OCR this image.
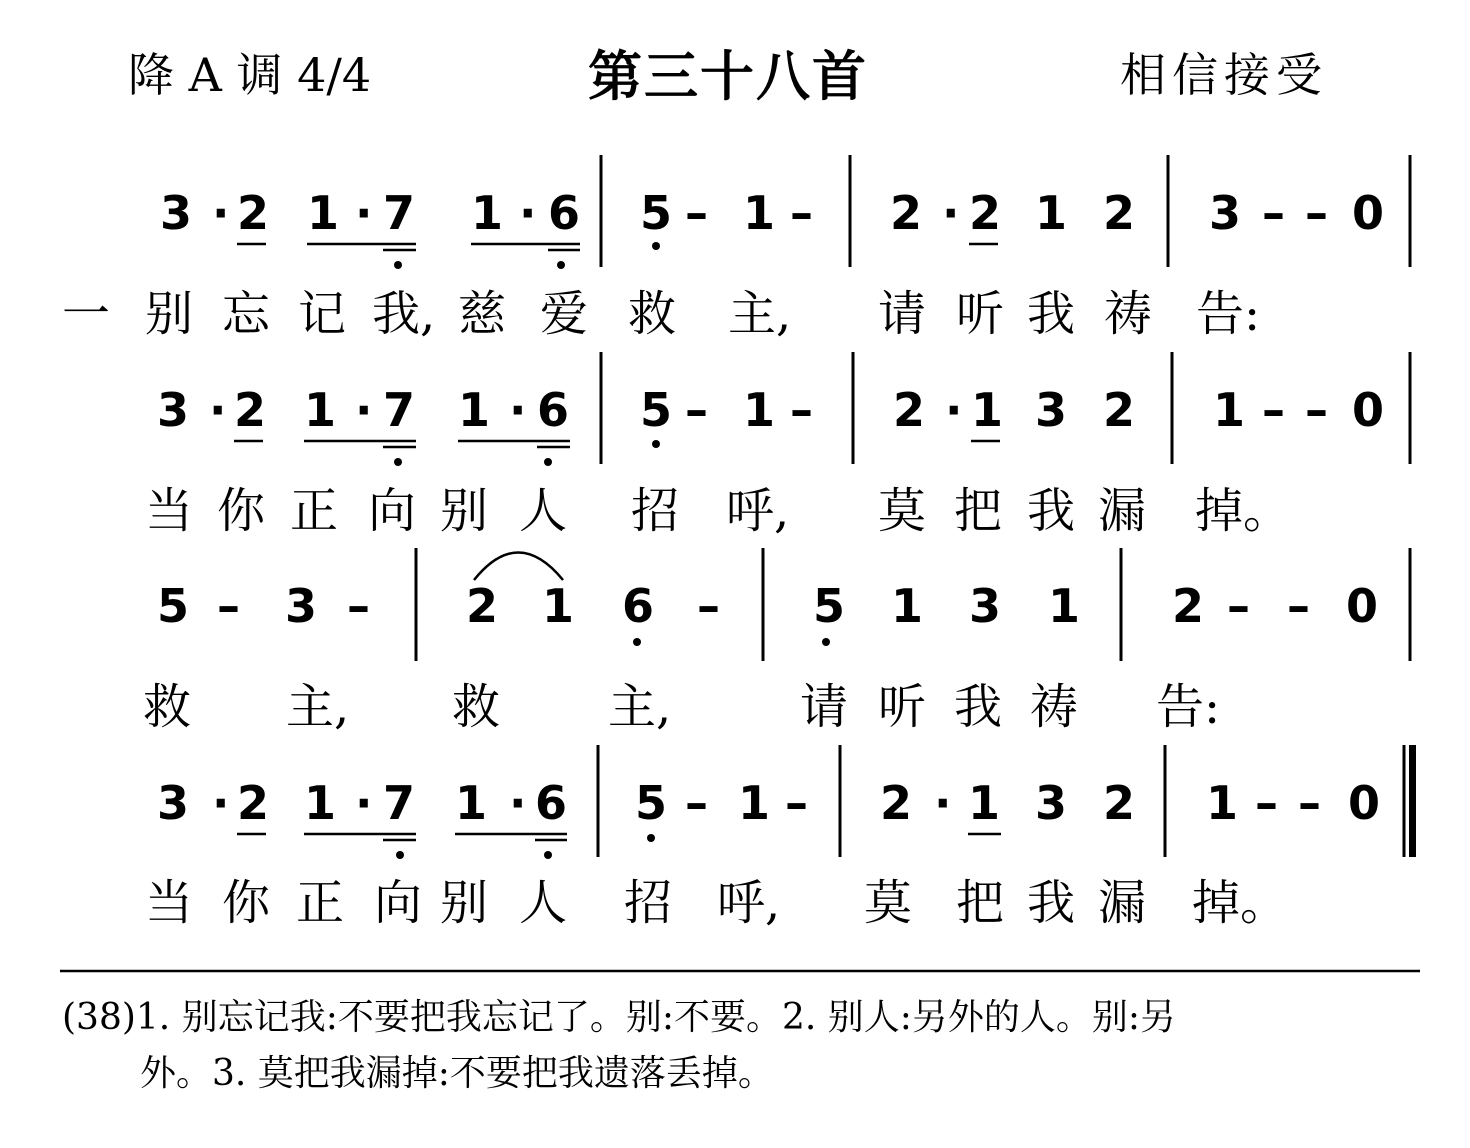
降 A 调 4/4	第三十八首	相信接受
3 · 2 1 · 7 1 · 6 5 – 1 – 2 · 2 1 2 3 – – 0
一 别 忘 记 我, 慈 爱 救 主, 请 听 我 祷 告:
3 · 2 1 · 7 1 · 6 5 – 1 – 2 · 1 3 2 1 – – 0
当 你 正 向 别 人 招 呼, 莫 把 我 漏 掉。
5 – 3 – 2 1 6 – 5 1 3 1 2 – – 0
救 主, 救 主,	请 听 我 祷 告:
3 · 2 1 · 7 1 · 6 5 – 1 – 2 · 1 3 2 1 – – 0
当 你 正 向 别 人 招 呼, 莫 把 我 漏 掉。
(38)1. 别忘记我:不要把我忘记了。别:不要。2. 别人:另外的人。别:另
外。3. 莫把我漏掉:不要把我遗落丢掉。
